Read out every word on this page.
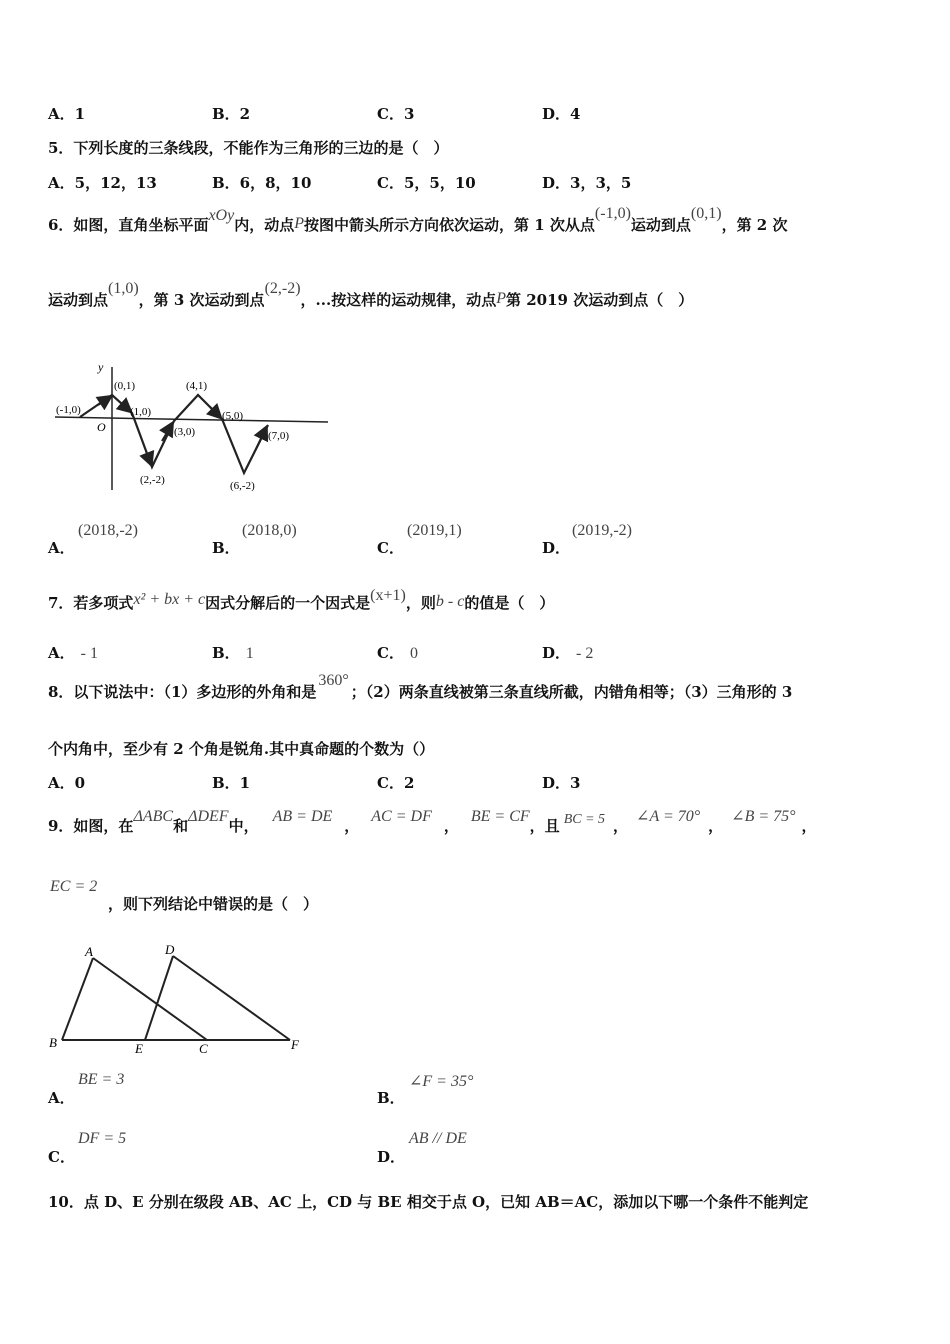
A．1	B．2	C．3	D．4
5．下列长度的三条线段，不能作为三角形的三边的是（　）
A．5，12，13	B．6，8，10	C．5，5，10	D．3，3，5
6．如图，直角坐标平面xOy内，动点P按图中箭头所示方向依次运动，第 1 次从点(-1,0)运动到点(0,1)，第 2 次
运动到点(1,0)，第 3 次运动到点(2,-2)，...按这样的运动规律，动点P第 2019 次运动到点（　）
y
O
(-1,0)
(0,1)
(1,0)
(2,-2)
(3,0)
(4,1)
(5,0)
(6,-2)
(7,0)
A．
(2018,-2)
B．
(2018,0)
C．
(2019,1)
D．
(2019,-2)
7．若多项式x² + bx + c因式分解后的一个因式是(x+1)，则b - c的值是（　）
A． - 1	B． 1	C． 0	D． - 2
8．以下说法中：（1）多边形的外角和是360°；（2）两条直线被第三条直线所截，内错角相等；（3）三角形的 3
个内角中，至少有 2 个角是锐角.其中真命题的个数为（）
A．0	B．1	C．2	D．3
9．如图，在ΔABC和ΔDEF中，AB = DE，AC = DF，BE = CF，且 BC = 5 ，∠A = 70°，∠B = 75°，
EC = 2
，则下列结论中错误的是（　）
A	D
B	E	C	F
A．
BE = 3
B．
∠F = 35°
C．
DF = 5
D．
AB // DE
10．点 D、E 分别在级段 AB、AC 上，CD 与 BE 相交于点 O，已知 AB＝AC，添加以下哪一个条件不能判定
